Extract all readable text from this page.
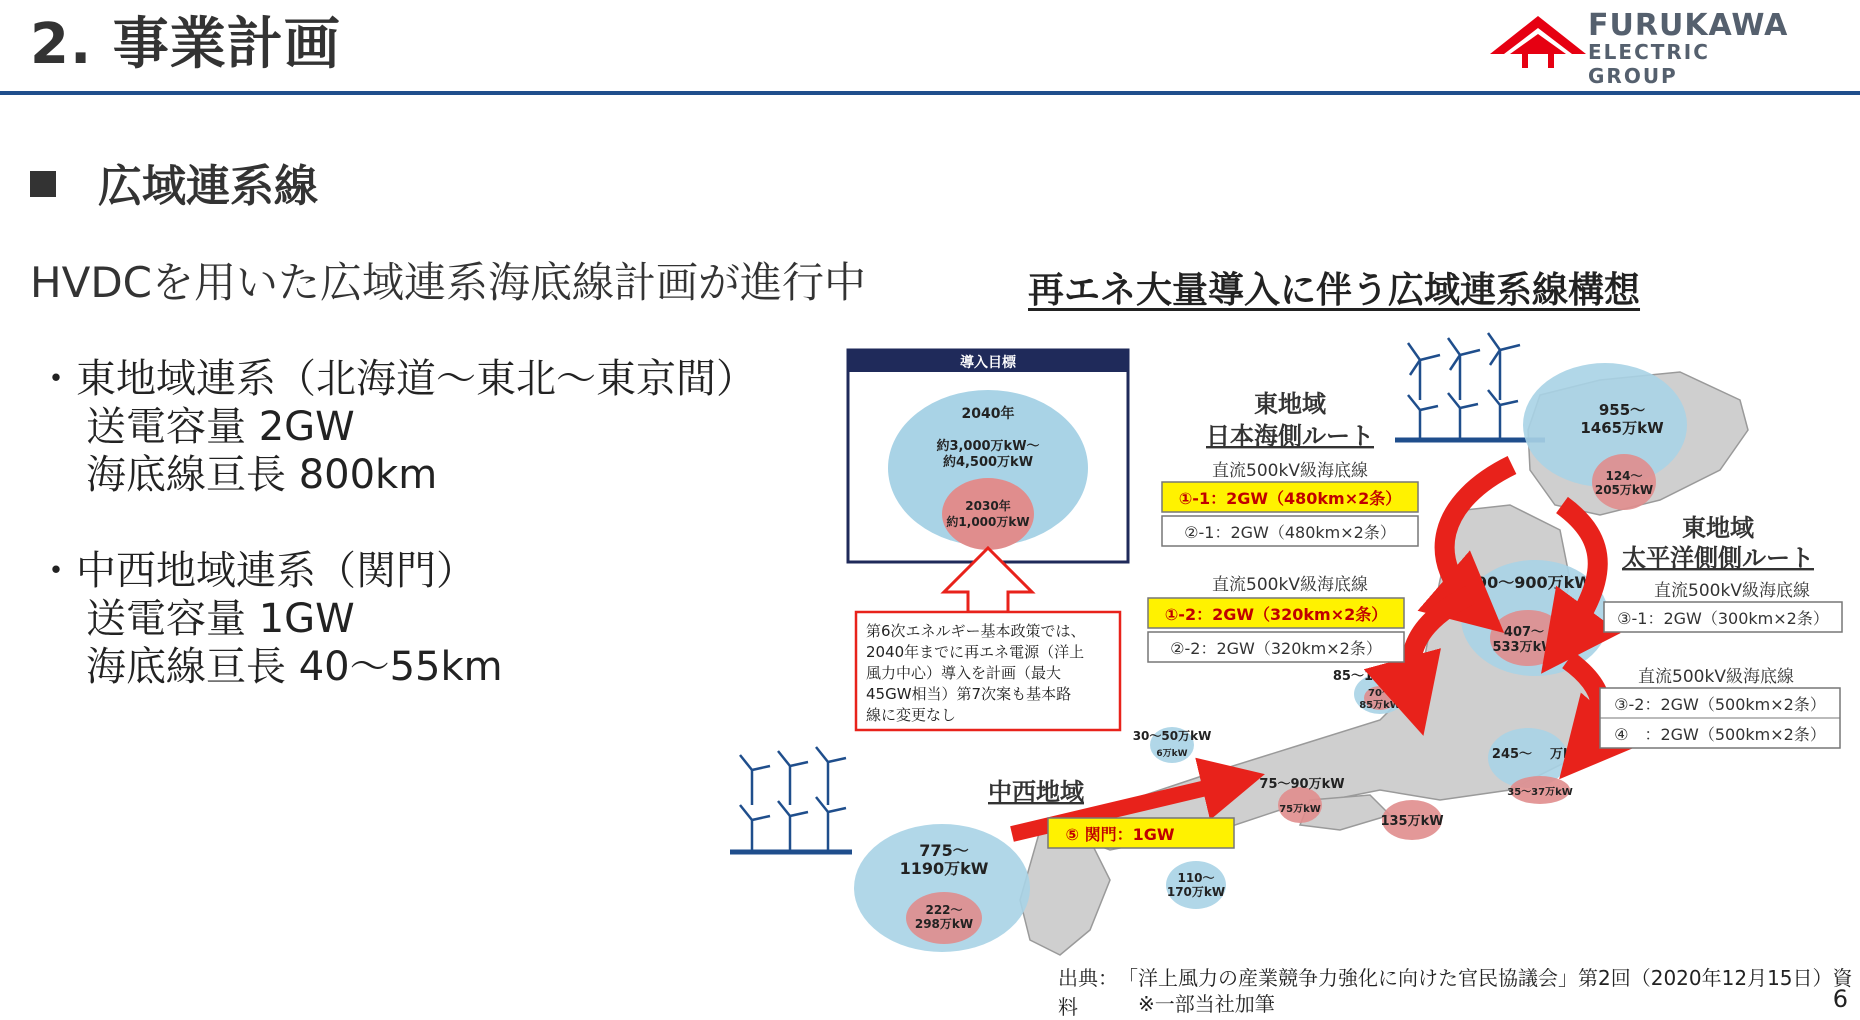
2. 事業計画	FURUKAWA
ELECTRIC GROUP
広域連系線
HVDCを用いた広域連系海底線計画が進行中
・東地域連系（北海道～東北～東京間）
送電容量 2GW
海底線亘長 800km
・中西地域連系（関門）
送電容量 1GW
海底線亘長 40～55km
再エネ大量導入に伴う広域連系線構想
導入目標
2040年
約3,000万kW～
約4,500万kW
2030年
約1,000万kW
第6次エネルギー基本政策では、
2040年までに再エネ電源（洋上
風力中心）導入を計画（最大
45GW相当）第7次案も基本路
線に変更なし
955～
1465万kW
124～
205万kW
90～900万kW
407～
533万kW
85～130万kW
70～
85万kW
30～50万kW
6万kW
75～90万kW
75万kW
135万kW
245～ 万kW
35～37万kW
775～
1190万kW
222～
298万kW
110～
170万kW
東地域
日本海側ルート
直流500kV級海底線
①-1：2GW（480km×2条）
②-1：2GW（480km×2条）
直流500kV級海底線
①-2：2GW（320km×2条）
②-2：2GW（320km×2条）
東地域
太平洋側側ルート
直流500kV級海底線
③-1：2GW（300km×2条）
直流500kV級海底線
③-2：2GW（500km×2条）
④　：2GW（500km×2条）
中西地域
⑤ 関門：1GW
出典：　「洋上風力の産業競争力強化に向けた官民協議会」第2回（2020年12月15日）資料	※一部当社加筆	6
